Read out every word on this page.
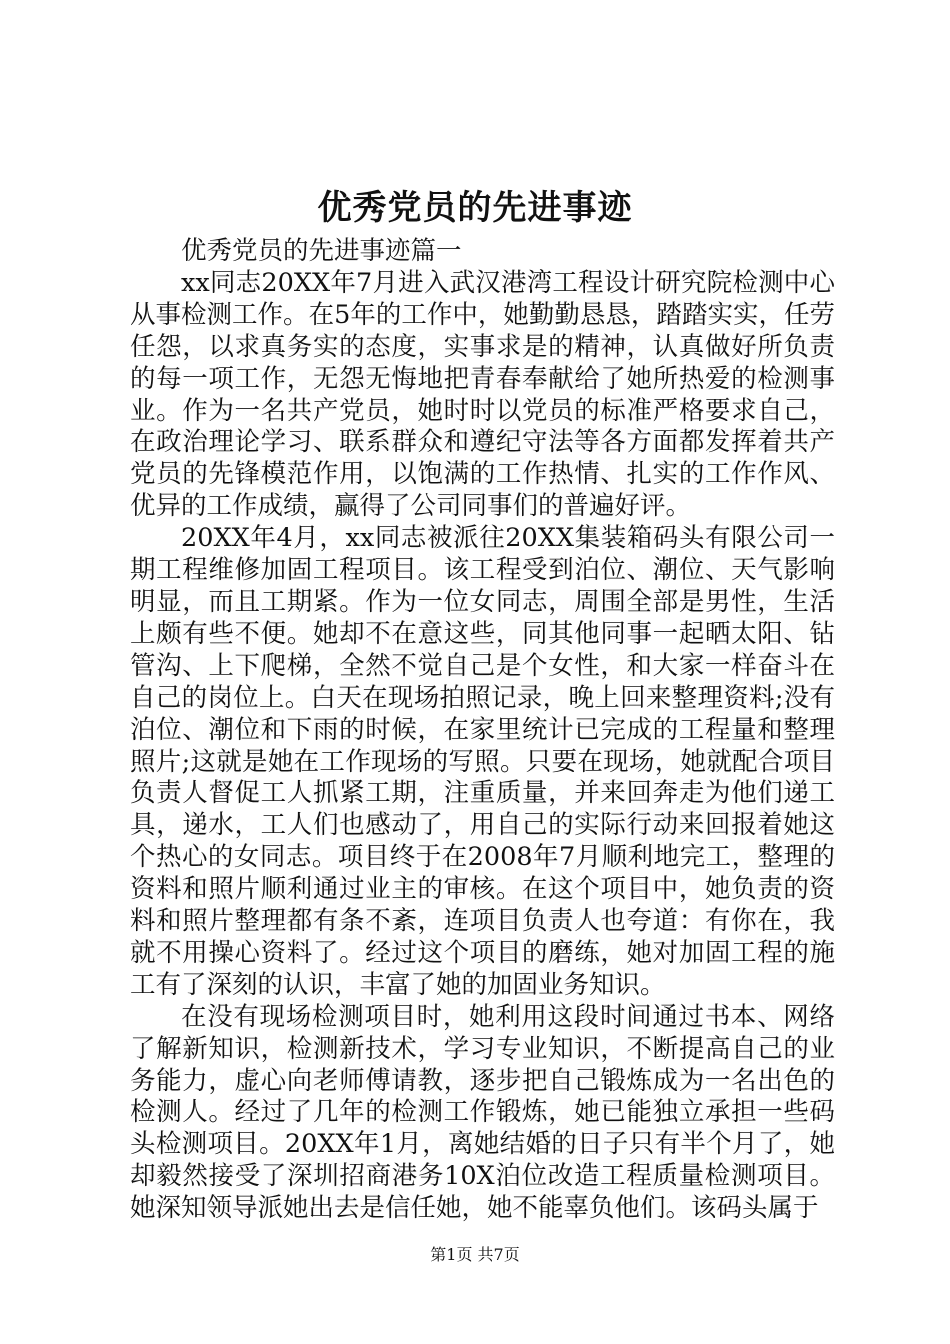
优秀党员的先进事迹

优秀党员的先进事迹篇一

xx同志20XX年7月进入武汉港湾工程设计研究院检测中心从事检测工作。在5年的工作中，她勤勤恳恳，踏踏实实，任劳任怨，以求真务实的态度，实事求是的精神，认真做好所负责的每一项工作，无怨无悔地把青春奉献给了她所热爱的检测事业。作为一名共产党员，她时时以党员的标准严格要求自己，在政治理论学习、联系群众和遵纪守法等各方面都发挥着共产党员的先锋模范作用，以饱满的工作热情、扎实的工作作风、优异的工作成绩，赢得了公司同事们的普遍好评。

20XX年4月，xx同志被派往20XX集装箱码头有限公司一期工程维修加固工程项目。该工程受到泊位、潮位、天气影响明显，而且工期紧。作为一位女同志，周围全部是男性，生活上颇有些不便。她却不在意这些，同其他同事一起晒太阳、钻管沟、上下爬梯，全然不觉自己是个女性，和大家一样奋斗在自己的岗位上。白天在现场拍照记录，晚上回来整理资料;没有泊位、潮位和下雨的时候，在家里统计已完成的工程量和整理照片;这就是她在工作现场的写照。只要在现场，她就配合项目负责人督促工人抓紧工期，注重质量，并来回奔走为他们递工具，递水，工人们也感动了，用自己的实际行动来回报着她这个热心的女同志。项目终于在2008年7月顺利地完工，整理的资料和照片顺利通过业主的审核。在这个项目中，她负责的资料和照片整理都有条不紊，连项目负责人也夸道：有你在，我就不用操心资料了。经过这个项目的磨练，她对加固工程的施工有了深刻的认识，丰富了她的加固业务知识。

在没有现场检测项目时，她利用这段时间通过书本、网络了解新知识，检测新技术，学习专业知识，不断提高自己的业务能力，虚心向老师傅请教，逐步把自己锻炼成为一名出色的检测人。经过了几年的检测工作锻炼，她已能独立承担一些码头检测项目。20XX年1月，离她结婚的日子只有半个月了，她却毅然接受了深圳招商港务10X泊位改造工程质量检测项目。她深知领导派她出去是信任她，她不能辜负他们。该码头属于

第1页 共7页
